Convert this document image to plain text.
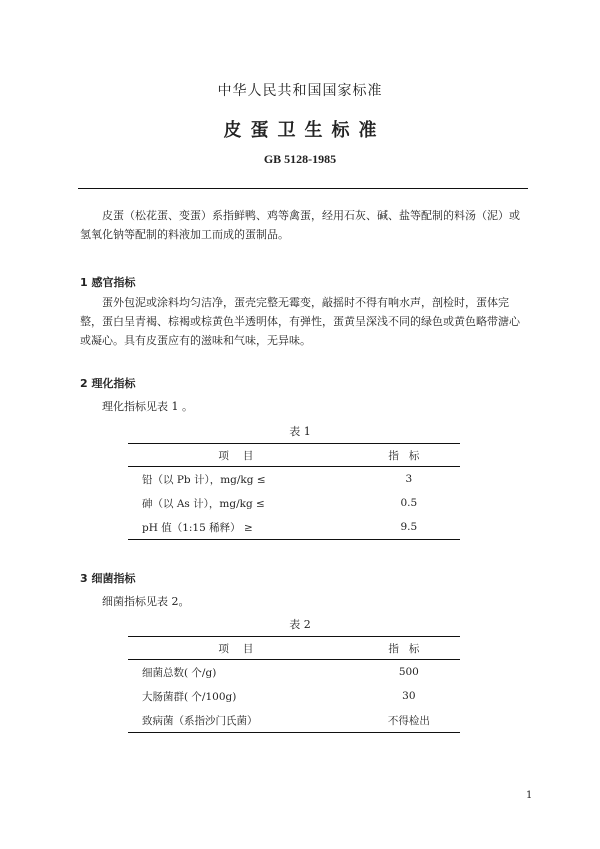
中华人民共和国国家标准
皮蛋卫生标准
GB 5128-1985
皮蛋（松花蛋、变蛋）系指鲜鸭、鸡等禽蛋，经用石灰、碱、盐等配制的料汤（泥）或氢氧化钠等配制的料液加工而成的蛋制品。
1 感官指标
蛋外包泥或涂料均匀洁净，蛋壳完整无霉变，敲摇时不得有响水声，剖检时，蛋体完整，蛋白呈青褐、棕褐或棕黄色半透明体，有弹性，蛋黄呈深浅不同的绿色或黄色略带溏心或凝心。具有皮蛋应有的滋味和气味，无异味。
2 理化指标
理化指标见表 1 。
表 1
项目	指标
铅（以 Pb 计），mg/kg ≤	3
砷（以 As 计），mg/kg ≤	0.5
pH 值（1:15 稀释） ≥	9.5
3 细菌指标
细菌指标见表 2。
表 2
项目	指标
细菌总数( 个/g)	500
大肠菌群( 个/100g)	30
致病菌（系指沙门氏菌）	不得检出
1
